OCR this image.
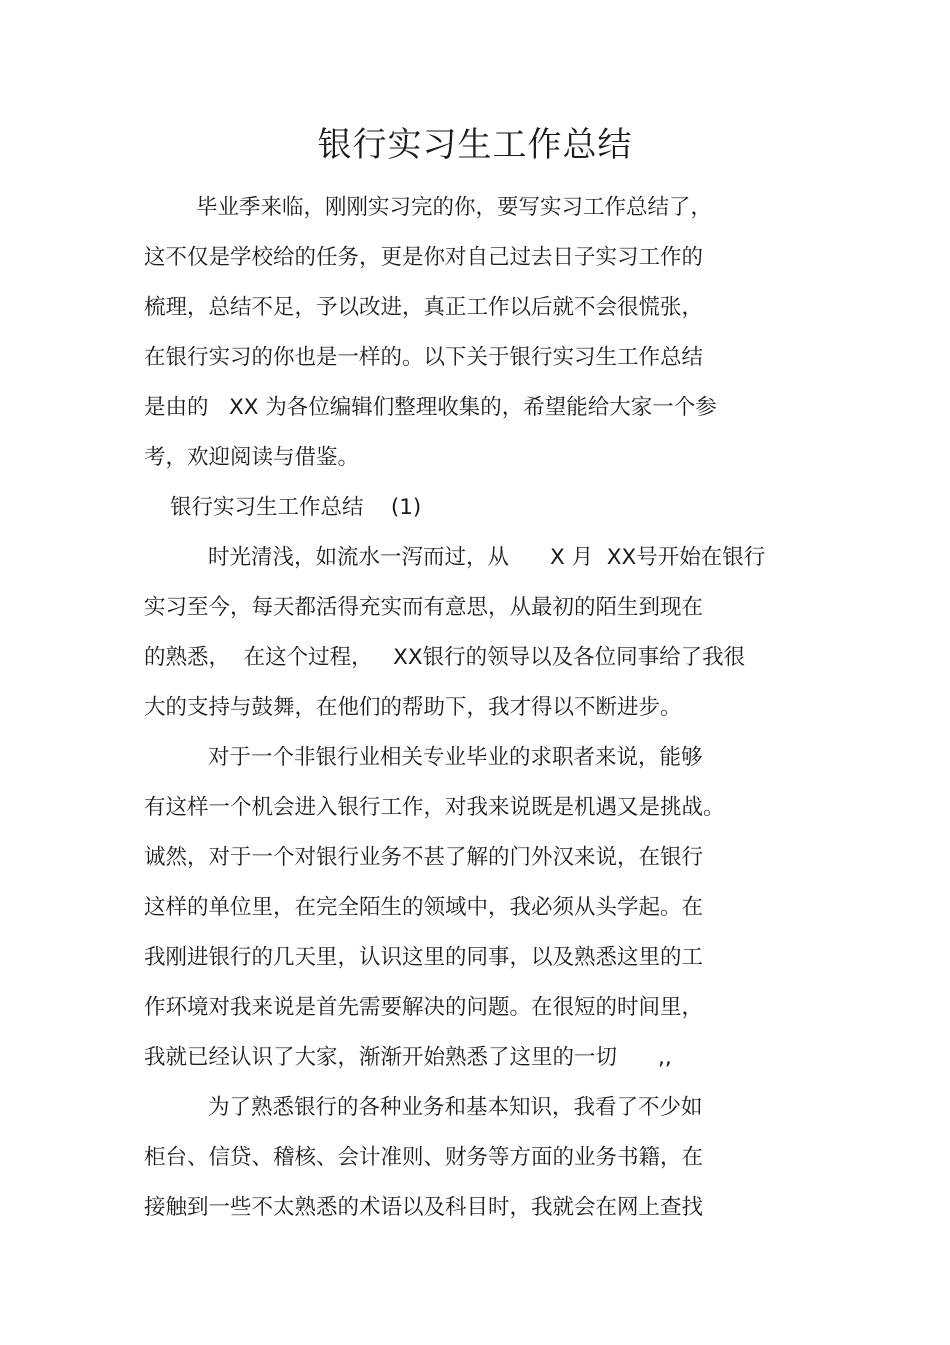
银行实习生工作总结
毕业季来临，刚刚实习完的你，要写实习工作总结了，
这不仅是学校给的任务，更是你对自己过去日子实习工作的
梳理，总结不足，予以改进，真正工作以后就不会很慌张，
在银行实习的你也是一样的。以下关于银行实习生工作总结
是由的   XX 为各位编辑们整理收集的，希望能给大家一个参
考，欢迎阅读与借鉴。
银行实习生工作总结    (1)
时光清浅，如流水一泻而过，从      X 月  XX号开始在银行
实习至今，每天都活得充实而有意思，从最初的陌生到现在
的熟悉，  在这个过程，   XX银行的领导以及各位同事给了我很
大的支持与鼓舞，在他们的帮助下，我才得以不断进步。
对于一个非银行业相关专业毕业的求职者来说，能够
有这样一个机会进入银行工作，对我来说既是机遇又是挑战。
诚然，对于一个对银行业务不甚了解的门外汉来说，在银行
这样的单位里，在完全陌生的领域中，我必须从头学起。在
我刚进银行的几天里，认识这里的同事，以及熟悉这里的工
作环境对我来说是首先需要解决的问题。在很短的时间里，
我就已经认识了大家，渐渐开始熟悉了这里的一切      ,,
为了熟悉银行的各种业务和基本知识，我看了不少如
柜台、信贷、稽核、会计准则、财务等方面的业务书籍，在
接触到一些不太熟悉的术语以及科目时，我就会在网上查找
